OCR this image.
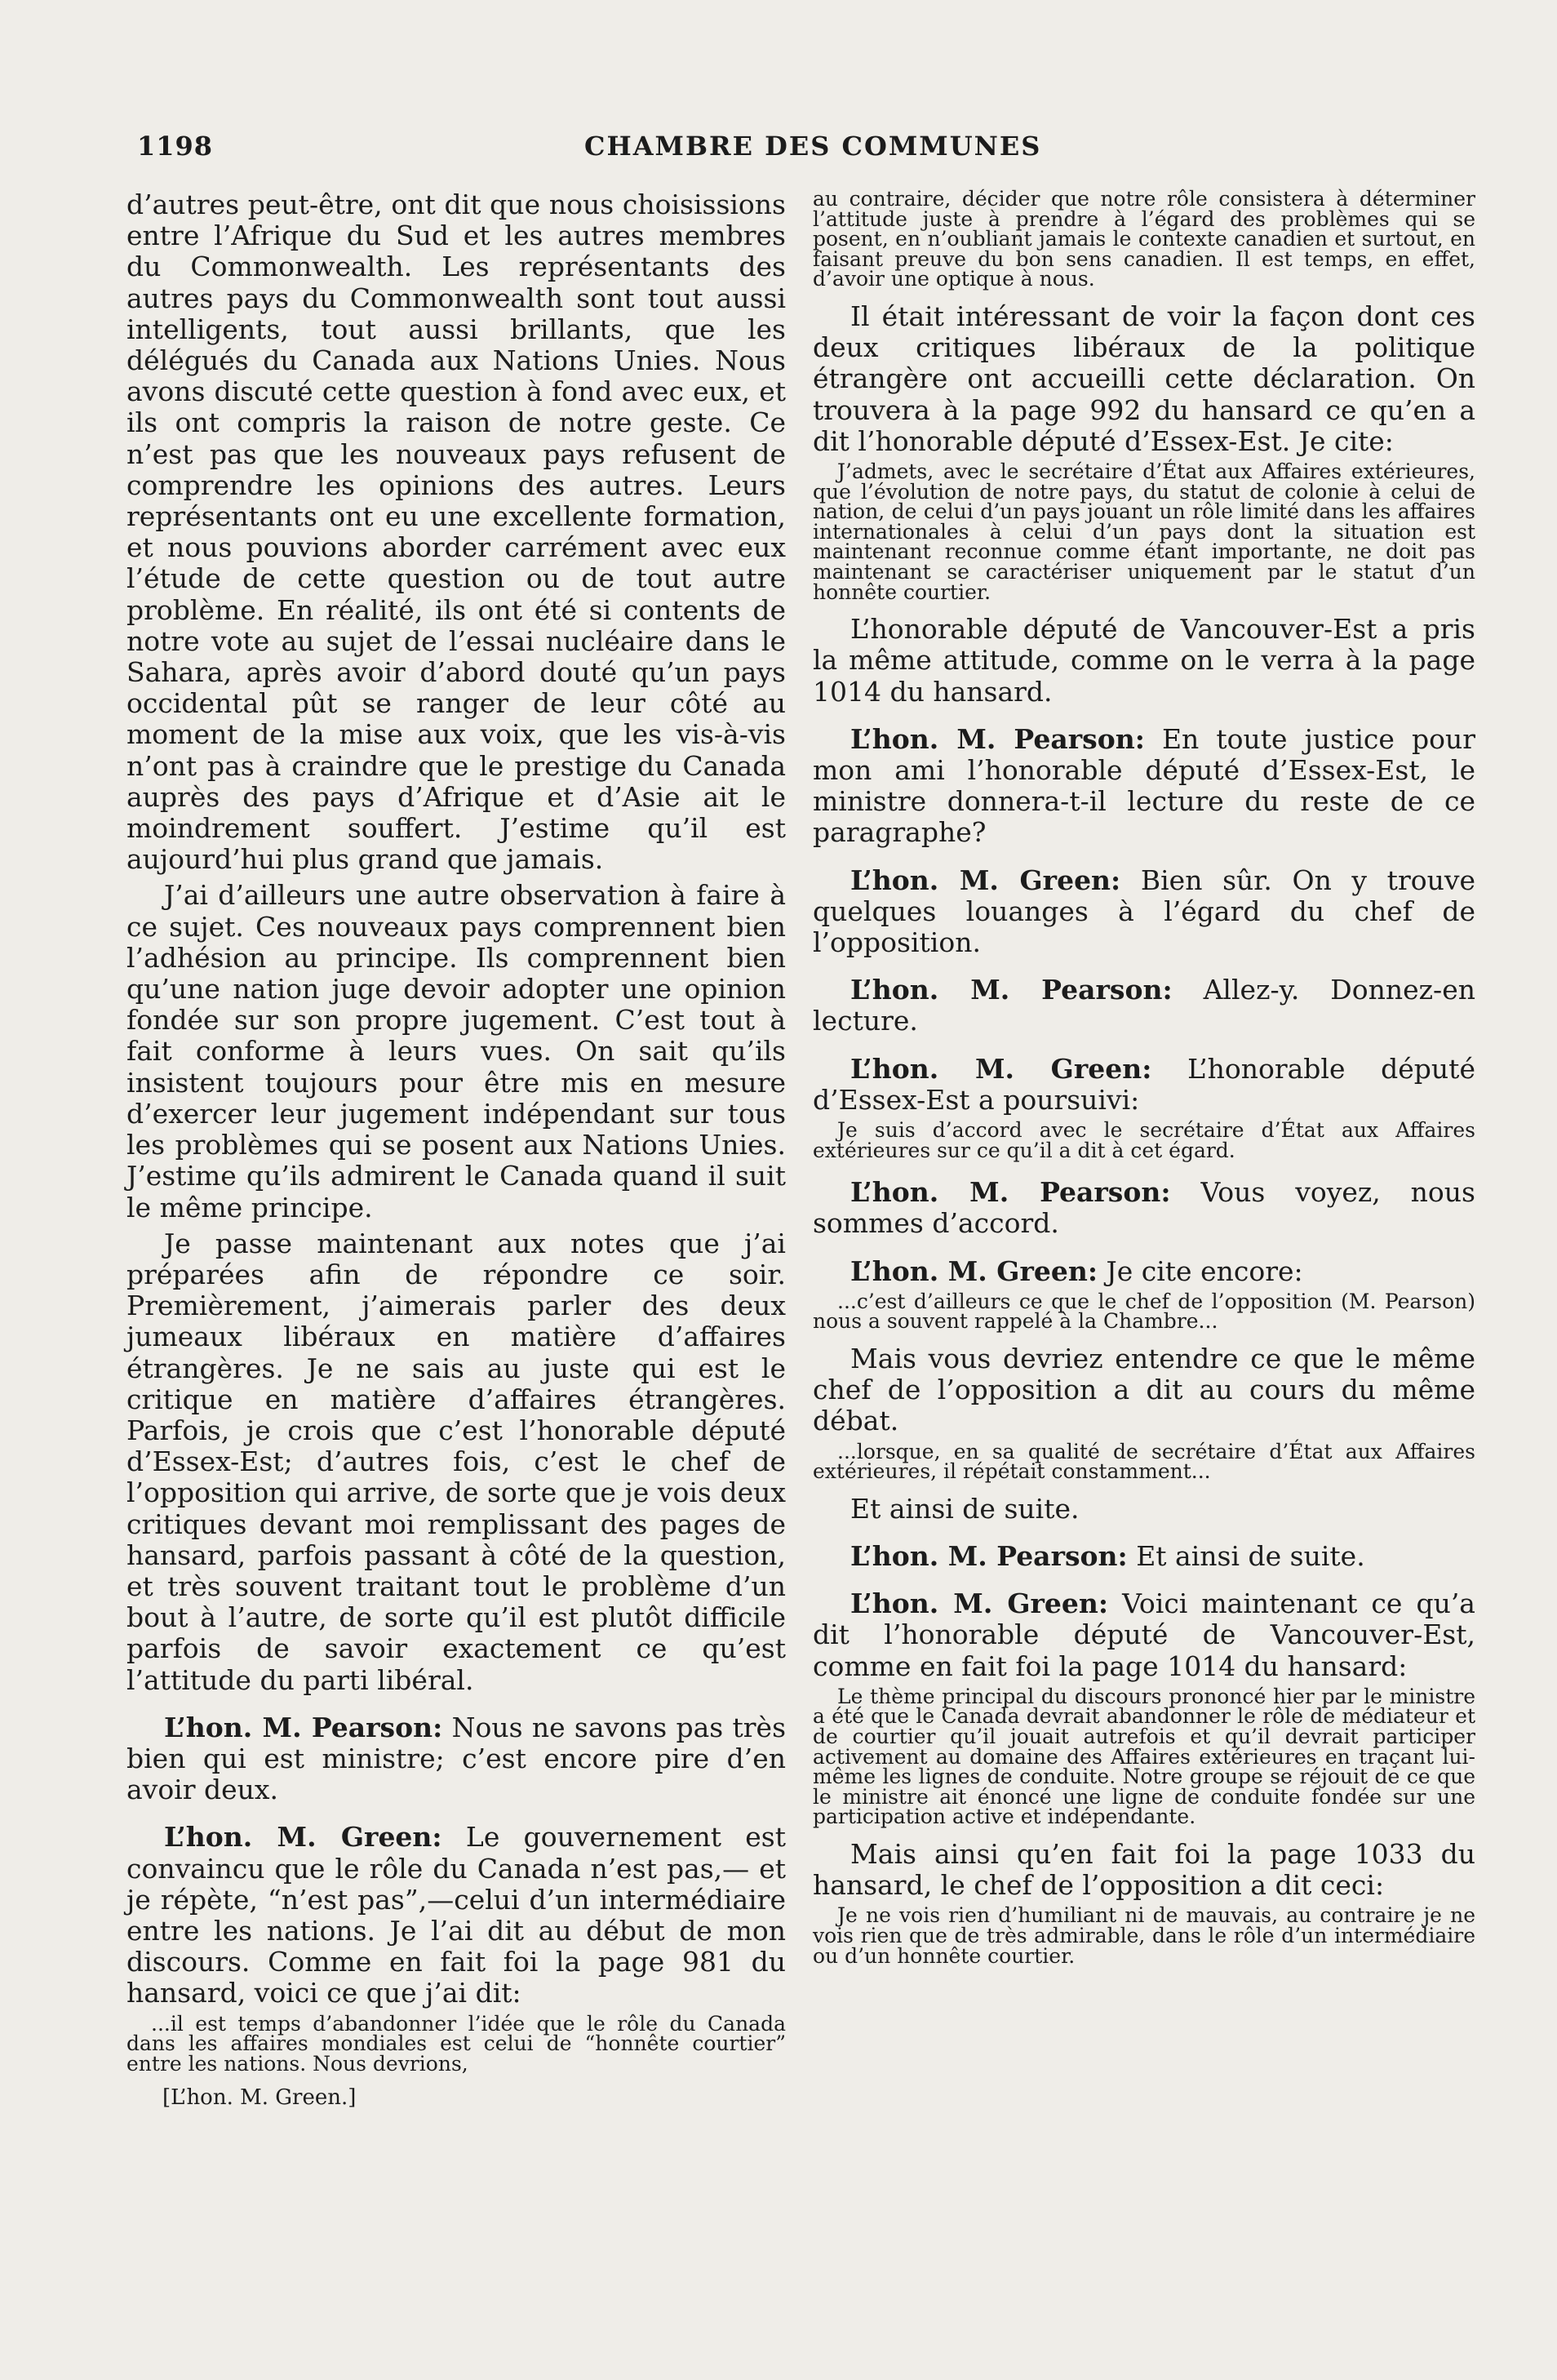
1198	CHAMBRE DES COMMUNES

d’autres peut-être, ont dit que nous choisissions entre l’Afrique du Sud et les autres membres du Commonwealth. Les représentants des autres pays du Commonwealth sont tout aussi intelligents, tout aussi brillants, que les délégués du Canada aux Nations Unies. Nous avons discuté cette question à fond avec eux, et ils ont compris la raison de notre geste. Ce n’est pas que les nouveaux pays refusent de comprendre les opinions des autres. Leurs représentants ont eu une excellente formation, et nous pouvions aborder carrément avec eux l’étude de cette question ou de tout autre problème. En réalité, ils ont été si contents de notre vote au sujet de l’essai nucléaire dans le Sahara, après avoir d’abord douté qu’un pays occidental pût se ranger de leur côté au moment de la mise aux voix, que les vis-à-vis n’ont pas à craindre que le prestige du Canada auprès des pays d’Afrique et d’Asie ait le moindrement souffert. J’estime qu’il est aujourd’hui plus grand que jamais.

J’ai d’ailleurs une autre observation à faire à ce sujet. Ces nouveaux pays comprennent bien l’adhésion au principe. Ils comprennent bien qu’une nation juge devoir adopter une opinion fondée sur son propre jugement. C’est tout à fait conforme à leurs vues. On sait qu’ils insistent toujours pour être mis en mesure d’exercer leur jugement indépendant sur tous les problèmes qui se posent aux Nations Unies. J’estime qu’ils admirent le Canada quand il suit le même principe.

Je passe maintenant aux notes que j’ai préparées afin de répondre ce soir. Premièrement, j’aimerais parler des deux jumeaux libéraux en matière d’affaires étrangères. Je ne sais au juste qui est le critique en matière d’affaires étrangères. Parfois, je crois que c’est l’honorable député d’Essex-Est; d’autres fois, c’est le chef de l’opposition qui arrive, de sorte que je vois deux critiques devant moi remplissant des pages de hansard, parfois passant à côté de la question, et très souvent traitant tout le problème d’un bout à l’autre, de sorte qu’il est plutôt difficile parfois de savoir exactement ce qu’est l’attitude du parti libéral.

L’hon. M. Pearson: Nous ne savons pas très bien qui est ministre; c’est encore pire d’en avoir deux.

L’hon. M. Green: Le gouvernement est convaincu que le rôle du Canada n’est pas,— et je répète, “n’est pas”,—celui d’un intermédiaire entre les nations. Je l’ai dit au début de mon discours. Comme en fait foi la page 981 du hansard, voici ce que j’ai dit:

...il est temps d’abandonner l’idée que le rôle du Canada dans les affaires mondiales est celui de “honnête courtier” entre les nations. Nous devrions,

[L’hon. M. Green.]

au contraire, décider que notre rôle consistera à déterminer l’attitude juste à prendre à l’égard des problèmes qui se posent, en n’oubliant jamais le contexte canadien et surtout, en faisant preuve du bon sens canadien. Il est temps, en effet, d’avoir une optique à nous.

Il était intéressant de voir la façon dont ces deux critiques libéraux de la politique étrangère ont accueilli cette déclaration. On trouvera à la page 992 du hansard ce qu’en a dit l’honorable député d’Essex-Est. Je cite:

J’admets, avec le secrétaire d’État aux Affaires extérieures, que l’évolution de notre pays, du statut de colonie à celui de nation, de celui d’un pays jouant un rôle limité dans les affaires internationales à celui d’un pays dont la situation est maintenant reconnue comme étant importante, ne doit pas maintenant se caractériser uniquement par le statut d’un honnête courtier.

L’honorable député de Vancouver-Est a pris la même attitude, comme on le verra à la page 1014 du hansard.

L’hon. M. Pearson: En toute justice pour mon ami l’honorable député d’Essex-Est, le ministre donnera-t-il lecture du reste de ce paragraphe?

L’hon. M. Green: Bien sûr. On y trouve quelques louanges à l’égard du chef de l’opposition.

L’hon. M. Pearson: Allez-y. Donnez-en lecture.

L’hon. M. Green: L’honorable député d’Essex-Est a poursuivi:

Je suis d’accord avec le secrétaire d’État aux Affaires extérieures sur ce qu’il a dit à cet égard.

L’hon. M. Pearson: Vous voyez, nous sommes d’accord.

L’hon. M. Green: Je cite encore:

...c’est d’ailleurs ce que le chef de l’opposition (M. Pearson) nous a souvent rappelé à la Chambre...

Mais vous devriez entendre ce que le même chef de l’opposition a dit au cours du même débat.

...lorsque, en sa qualité de secrétaire d’État aux Affaires extérieures, il répétait constamment...

Et ainsi de suite.

L’hon. M. Pearson: Et ainsi de suite.

L’hon. M. Green: Voici maintenant ce qu’a dit l’honorable député de Vancouver-Est, comme en fait foi la page 1014 du hansard:

Le thème principal du discours prononcé hier par le ministre a été que le Canada devrait abandonner le rôle de médiateur et de courtier qu’il jouait autrefois et qu’il devrait participer activement au domaine des Affaires extérieures en traçant lui-même les lignes de conduite. Notre groupe se réjouit de ce que le ministre ait énoncé une ligne de conduite fondée sur une participation active et indépendante.

Mais ainsi qu’en fait foi la page 1033 du hansard, le chef de l’opposition a dit ceci:

Je ne vois rien d’humiliant ni de mauvais, au contraire je ne vois rien que de très admirable, dans le rôle d’un intermédiaire ou d’un honnête courtier.
